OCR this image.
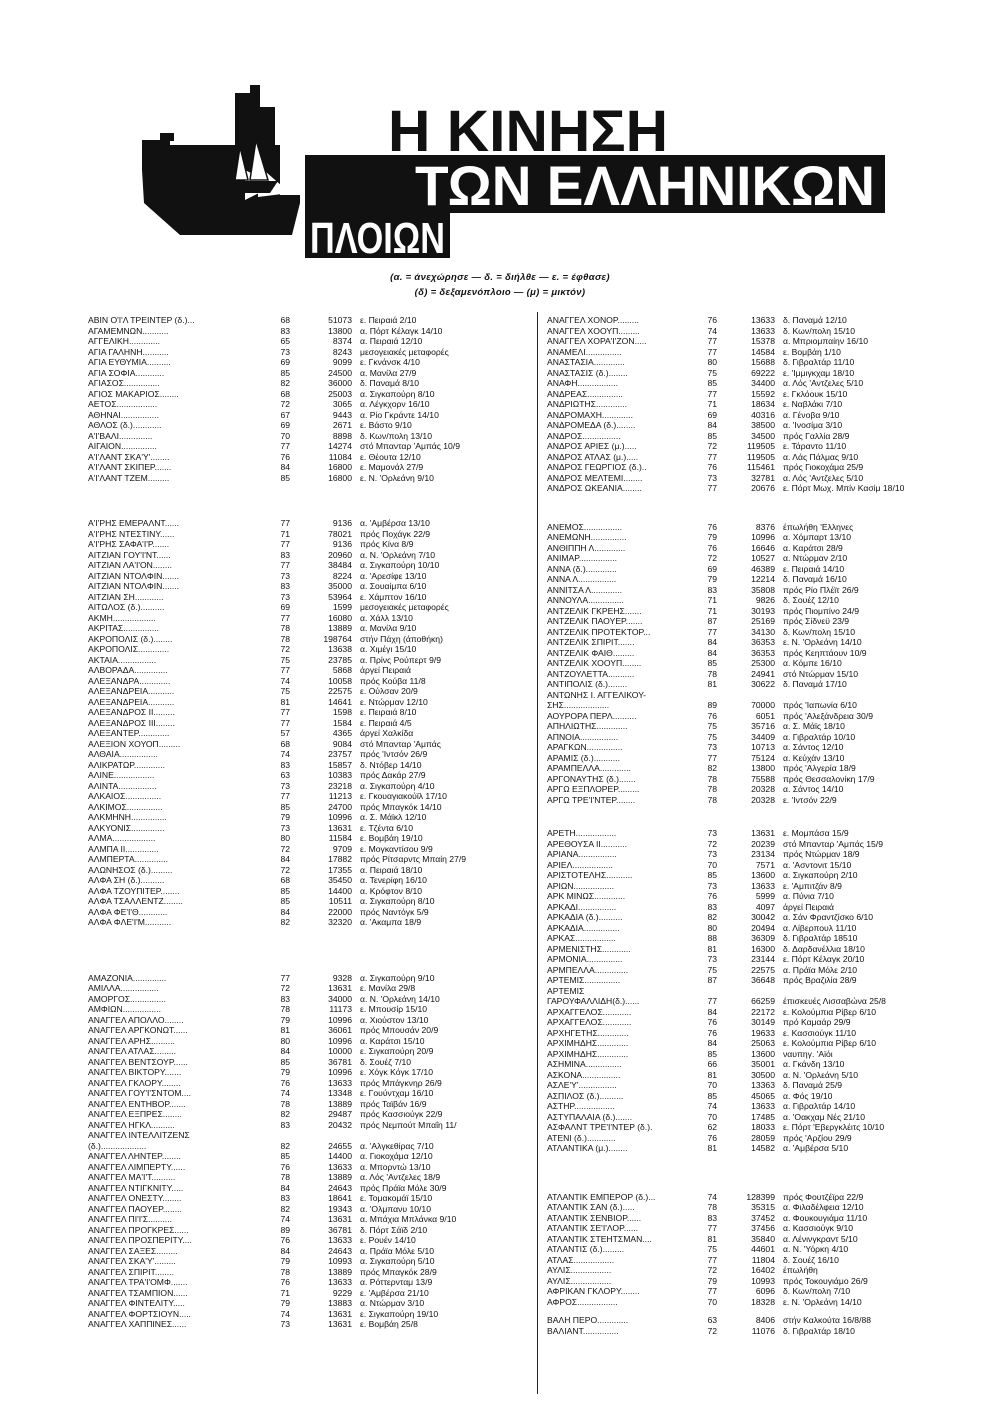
Η ΚΙΝΗΣΗ
ΤΩΝ ΕΛΛΗΝΙΚΩΝ
ΠΛΟΙΩΝ
(α. = άνεχώρησε — δ. = διήλθε — ε. = έφθασε)
(δ) = δεξαμενόπλοιο — (μ) = μικτόν)
ΑΒΙΝ Ο'Ι'Λ ΤΡΕΙΝΤΕΡ (δ.)...	68	51073 ε. Πειραιά 2/10
ΑΓΑΜΕΜΝΩΝ...........	83	13800 α. Πόρτ Κέλαγκ 14/10
ΑΓΓΕΛΙΚΗ.............	65	8374 α. Πειραιά 12/10
ΑΓΙΑ ΓΑΛΗΝΗ...........	73	8243 μεσογειακές μεταφορές
ΑΓΙΑ ΕΥΘΥΜΙΑ..........	69	9099 ε. Γκνάνσκ 4/10
ΑΓΙΑ ΣΟΦΙΑ............	85	24500 α. Μανίλα 27/9
ΑΓΙΑΣΟΣ...............	82	36000 δ. Παναμά 8/10
ΑΓΙΟΣ ΜΑΚΑΡΙΟΣ........	68	25003 α. Σιγκαπούρη 8/10
ΑΕΤΟΣ.................	72	3065 α. Λέγκχορν 16/10
ΑΘΗΝΑΙ................	67	9443 α. Ρίο Γκράντε 14/10
ΑΘΛΟΣ (δ.)............	69	2671 ε. Βάστο 9/10
Α'Ι'ΒΑΛΙ..............	70	8898 δ. Κων/πολη 13/10
ΑΙΓΑΙΟΝ...............	77	14274 στό Μπανταρ 'Αμπάς 10/9
Α'Ι'ΛΑΝΤ ΣΚΑ'Υ'........	76	11084 ε. Θέουτα 12/10
Α'Ι'ΛΑΝΤ ΣΚΙΠΕΡ.......	84	16800 ε. Μαμονάλ 27/9
Α'Ι'ΛΑΝΤ ΤΖΕΜ.........	85	16800 ε. Ν. 'Ορλεάνη 9/10
Α'Ι'ΡΗΣ ΕΜΕΡΑΛΝΤ......	77	9136 α. 'Αμβέρσα 13/10
Α'Ι'ΡΗΣ ΝΤΕΣΤΙΝΥ......	71	78021 πρός Πoχάγκ 22/9
Α'Ι'ΡΗΣ ΣΑΦΑ'Ι'Ρ.......	77	9136 πρός Κίνα 8/9
ΑΙΤΖΙΑΝ ΓΟΥ'Ι'ΝΤ......	83	20960 α. Ν. 'Ορλεάνη 7/10
ΑΙΤΖΙΑΝ ΛΑ'Ι'ΟΝ........	77	38484 α. Σιγκαπούρη 10/10
ΑΙΤΖΙΑΝ ΝΤΟΛΦΙΝ.......	73	8224 α. 'Αρεσίφε 13/10
ΑΙΤΖΙΑΝ ΝΤΟΛΦΙΝ.......	83	35000 α. Σουαίμπα 6/10
ΑΙΤΖΙΑΝ ΣΗ............	73	53964 ε. Χάμπτον 16/10
ΑΙΤΩΛΟΣ (δ.)..........	69	1599 μεσογειακές μεταφορές
ΑΚΜΗ..................	77	16080 α. Χάλλ 13/10
ΑΚΡΙΤΑΣ...............	78	13889 α. Μανίλα 9/10
ΑΚΡΟΠΟΛΙΣ (δ.)........	78	198764 στήν Πάχη (άποθήκη)
ΑΚΡΟΠΟΛΙΣ.............	72	13638 α. Χιμέγι 15/10
ΑΚΤΑΙΑ................	75	23785 α. Πρίνς Ρούπερτ 9/9
ΑΛΒΟΡΑΔΑ..............	77	5868 άργεί Πειραιά
ΑΛΕΞΑΝΔΡΑ.............	74	10058 πρός Κούβα 11/8
ΑΛΕΞΑΝΔΡΕΙΑ...........	75	22575 ε. Ούλσαν 20/9
ΑΛΕΞΑΝΔΡΕΙΑ...........	81	14641 ε. Ντώρμαν 12/10
ΑΛΕΞΑΝΔΡΟΣ ΙΙ.........	77	1598 ε. Πειραιά 8/10
ΑΛΕΞΑΝΔΡΟΣ ΙΙΙ........	77	1584 ε. Πειραιά 4/5
ΑΛΕΞΑΝΤΕΡ.............	57	4365 άργεί Χαλκίδα
ΑΛΕΞΙΟΝ ΧΟΥΟΠ.........	68	9084 στό Μπανταρ 'Αμπάς
ΑΛΘΑΙΑ................	74	23757 πρός 'Ιντσόν 26/9
ΑΛΙΚΡΑΤΩΡ.............	83	15857 δ. Ντόβερ 14/10
ΑΛΙΝΕ.................	63	10383 πρός Δακάρ 27/9
ΑΛΙΝΤΑ................	73	23218 α. Σιγκαπούρη 4/10
ΑΛΚΑΙΟΣ...............	77	11213 ε. Γκουαγιακούϊλ 17/10
ΑΛΚΙΜΟΣ...............	85	24700 πρός Μπαγκόκ 14/10
ΑΛΚΜΗΝΗ...............	79	10996 α. Σ. Μάϊκλ 12/10
ΑΛΚΥΟΝΙΣ..............	73	13631 ε. Τζέντα 6/10
ΑΛΜΑ..................	80	11584 ε. Βομβάη 19/10
ΑΛΜΠΑ ΙΙ..............	72	9709 ε. Μογκαντίσου 9/9
ΑΛΜΠΕΡΤΑ..............	84	17882 πρός Ρίτσαρντς Μπαίη 27/9
ΑΛΩΝΗΣΟΣ (δ.).........	72	17355 α. Πειραιά 18/10
ΑΛΦΑ ΣΗ (δ.)..........	68	35450 α. Τενερίφη 16/10
ΑΛΦΑ ΤΖΟΥΠΙΤΕΡ........	85	14400 α. Κρόφτον 8/10
ΑΛΦΑ ΤΣΑΛΛΕΝΤΖ........	85	10511 α. Σιγκαπούρη 8/10
ΑΛΦΑ ΦΕ'Ι'Θ............	84	22000 πρός Ναντόγκ 5/9
ΑΛΦΑ ΦΛΕ'Ι'Μ...........	82	32320 α. 'Ακαμπα 18/9
ΑΜΑΖΟΝΙΑ..............	77	9328 α. Σιγκαπούρη 9/10
ΑΜΙΛΛΑ................	72	13631 ε. Μανίλα 29/8
ΑΜΟΡΓΟΣ...............	83	34000 α. Ν. 'Ορλεάνη 14/10
ΑΜΦΙΩΝ................	78	11173 ε. Μπουσίρ 15/10
ΑΝΑΓΓΕΛ ΑΠΟΛΛΟ........	79	10996 α. Χιούστον 13/10
ΑΝΑΓΓΕΛ ΑΡΓΚΟΝΩΤ......	81	36061 πρός Μπουσάν 20/9
ΑΝΑΓΓΕΛ ΑΡΗΣ..........	80	10996 α. Καράτσι 15/10
ΑΝΑΓΓΕΛ ΑΤΛΑΣ.........	84	10000 ε. Σιγκαπούρη 20/9
ΑΝΑΓΓΕΛ ΒΕΝΤΣΟΥΡ......	85	36781 δ. Σουέζ 7/10
ΑΝΑΓΓΕΛ ΒΙΚΤΟΡΥ.......	79	10996 ε. Χόγκ Κόγκ 17/10
ΑΝΑΓΓΕΛ ΓΚΛΟΡΥ........	76	13633 πρός Μπάγκνηρ 26/9
ΑΝΑΓΓΕΛ ΓΟΥ'Ι'ΣΝΤΟΜ....	74	13348 ε. Γουύντχαμ 16/10
ΑΝΑΓΓΕΛ ΕΝΤΗΒΟΡ.......	78	13889 πρός Ταϊβάν 16/9
ΑΝΑΓΓΕΛ ΕΞΠΡΕΣ........	82	29487 πρός Κασσιούγκ 22/9
ΑΝΑΓΓΕΛ ΗΓΚΛ..........	83	20432 πρός Νεμπούτ Μπαΐη 11/
ΑΝΑΓΓΕΛ ΙΝΤΕΛΛΙΤΖΕΝΣ
(δ.)...................	82	24655 α. 'Αλγκεθίρας 7/10
ΑΝΑΓΓΕΛ ΛΗΝΤΕΡ........	85	14400 α. Γιοκοχάμα 12/10
ΑΝΑΓΓΕΛ ΛΙΜΠΕΡΤΥ......	76	13633 α. Μπορντώ 13/10
ΑΝΑΓΓΕΛ ΜΑ'Ι'Τ..........	78	13889 α. Λός 'Αντζελες 18/9
ΑΝΑΓΓΕΛ ΝΤΙΓΚΝΙΤΥ.....	84	24643 πρός Πράϊα Μόλε 30/9
ΑΝΑΓΓΕΛ ΟΝΕΣΤΥ........	83	18641 ε. Τομακομάϊ 15/10
ΑΝΑΓΓΕΛ ΠΑΟΥΕΡ........	82	19343 α. 'Ολμπανυ 10/10
ΑΝΑΓΓΕΛ ΠΙ'Ι'Σ..........	74	13631 α. Μπάχια Μπλάνκα 9/10
ΑΝΑΓΓΕΛ ΠΡΟΓΚΡΕΣ......	89	36781 δ. Πόρτ Σάϊδ 2/10
ΑΝΑΓΓΕΛ ΠΡΟΣΠΕΡΙΤΥ....	76	13633 ε. Ρουέν 14/10
ΑΝΑΓΓΕΛ ΣΑΞΕΣ.........	84	24643 α. Πράϊα Μόλε 5/10
ΑΝΑΓΓΕΛ ΣΚΑ'Υ'.........	79	10993 α. Σιγκαπούρη 5/10
ΑΝΑΓΓΕΛ ΣΠΙΡΙΤ........	78	13889 πρός Μπαγκόκ 28/9
ΑΝΑΓΓΕΛ ΤΡΑ'Ι'ΟΜΦ.......	76	13633 α. Ρόττερνταμ 13/9
ΑΝΑΓΓΕΛ ΤΣΑΜΠΙΟΝ......	71	9229 ε. 'Αμβέρσα 21/10
ΑΝΑΓΓΕΛ ΦΙΝΤΕΛΙΤΥ.....	79	13883 α. Ντώρμαν 3/10
ΑΝΑΓΓΕΛ ΦΟΡΤΣΙΟΥΝ.....	74	13631 ε. Σιγκαπούρη 19/10
ΑΝΑΓΓΕΛ ΧΑΠΠΙΝΕΣ......	73	13631 ε. Βομβάη 25/8
ΑΝΑΓΓΕΛ ΧΟΝΟΡ.........	76	13633 δ. Παναμά 12/10
ΑΝΑΓΓΕΛ ΧΟΟΥΠ.........	74	13633 δ. Κων/πολη 15/10
ΑΝΑΓΓΕΛ ΧΟΡΑ'Ι'ΖΟΝ.....	77	15378 α. Μπριομπαίην 16/10
ΑΝΑΜΕΛΙ...............	77	14584 ε. Βομβάη 1/10
ΑΝΑΣΤΑΣΙΑ.............	80	15688 δ. Γιβραλτάρ 11/10
ΑΝΑΣΤΑΣΙΣ (δ.)........	75	69222 ε. 'Ιμμιγκχαμ 18/10
ΑΝΑΦΗ.................	85	34400 α. Λός 'Αντζελες 5/10
ΑΝΔΡΕΑΣ...............	77	15592 ε. Γκλόουκ 15/10
ΑΝΔΡΙΩΤΗΣ.............	71	18634 ε. Ναβλάκι 7/10
ΑΝΔΡΟΜΑΧΗ.............	69	40316 α. Γένοβα 9/10
ΑΝΔΡΟΜΕΔΑ (δ.)........	84	38500 α. 'Ινοσίμα 3/10
ΑΝΔΡΟΣ................	85	34500 πρός Γαλλία 28/9
ΑΝΔΡΟΣ ΑΡΙΕΣ (μ.).....	72	119505 ε. Τάραντο 11/10
ΑΝΔΡΟΣ ΑΤΛΑΣ (μ.).....	77	119505 α. Λάς Πάλμας 9/10
ΑΝΔΡΟΣ ΓΕΩΡΓΙΟΣ (δ.)..	76	115461 πρός Γιοκοχάμα 25/9
ΑΝΔΡΟΣ ΜΕΛΤΕΜΙ........	73	32781 α. Λός 'Αντζελες 5/10
ΑΝΔΡΟΣ ΩΚΕΑΝΙΑ........	77	20676 ε. Πόρτ Μωχ. Μπίν Κασίμ 18/10
ΑΝΕΜΟΣ................	76	8376 έπωλήθη 'Ελληνες
ΑΝΕΜΩΝΗ...............	79	10996 α. Χόμπαρτ 13/10
ΑΝΘΙΠΠΗ Λ.............	76	16646 α. Καράτσι 28/9
ΑΝΙΜΑΡ................	72	10527 α. Ντώρμαν 2/10
ΑΝΝΑ (δ.).............	69	46389 ε. Πειραιά 14/10
ΑΝΝΑ Λ................	79	12214 δ. Παναμά 16/10
ΑΝΝΙΤΣΑ Λ.............	83	35808 πρός Ρίο Πλέϊτ 26/9
ΑΝΝΟΥΛΑ...............	71	9826 δ. Σουέζ 12/10
ΑΝΤΖΕΛΙΚ ΓΚΡΕΗΣ.......	71	30193 πρός Πιομπίνο 24/9
ΑΝΤΖΕΛΙΚ ΠΑΟΥΕΡ.......	87	25169 πρός Σίδνεϋ 23/9
ΑΝΤΖΕΛΙΚ ΠΡΟΤΕΚΤΟΡ...	77	34130 δ. Κων/πολη 15/10
ΑΝΤΖΕΛΙΚ ΣΠΙΡΙΤ.......	84	36353 ε. Ν. 'Ορλεάνη 14/10
ΑΝΤΖΕΛΙΚ ΦΑΙΘ.........	84	36353 πρός Κεηπτάουν 10/9
ΑΝΤΖΕΛΙΚ ΧΟΟΥΠ........	85	25300 α. Κόμπε 16/10
ΑΝΤΖΟΥΛΕΤΤΑ...........	78	24941 στό Ντώρμαν 15/10
ΑΝΤΙΠΟΛΙΣ (δ.)........	81	30622 δ. Παναμά 17/10
ΑΝΤΩΝΗΣ Ι. ΑΓΓΕΛΙΚΟΥ-
ΣΗΣ...................	89	70000 πρός 'Ιαπωνία 6/10
ΑΟΥΡΟΡΑ ΠΕΡΛ..........	76	6051 πρός 'Αλεξάνδρεια 30/9
ΑΠΗΛΙΩΤΗΣ.............	75	35716 α. Σ. Μάϊς 18/10
ΑΠΝΟΙΑ................	75	34409 α. Γιβραλτάρ 10/10
ΑΡΑΓΚΩΝ...............	73	10713 α. Σάντος 12/10
ΑΡΑΜΙΣ (δ.)...........	77	75124 α. Κεύχάν 13/10
ΑΡΑΜΠΕΛΛΑ.............	82	13800 πρός 'Αλγερία 18/9
ΑΡΓΟΝΑΥΤΗΣ (δ.).......	78	75588 πρός Θεσσαλονίκη 17/9
ΑΡΓΩ ΕΞΠΛΟΡΕΡ.........	78	20328 α. Σάντος 14/10
ΑΡΓΩ ΤΡΕ'Ι'ΝΤΕΡ........	78	20328 ε. 'Ιντσόν 22/9
ΑΡΕΤΗ.................	73	13631 ε. Μομπάσα 15/9
ΑΡΕΘΟΥΣΑ ΙΙ...........	72	20239 στό Μπανταρ 'Αμπάς 15/9
ΑΡΙΑΝΑ................	73	23134 πρός Ντώρμαν 18/9
ΑΡΙΕΛ.................	70	7571 α. 'Ασντονιτ 15/10
ΑΡΙΣΤΟΤΕΛΗΣ...........	85	13600 α. Σιγκαπούρη 2/10
ΑΡΙΩΝ.................	73	13633 ε. 'Αμπιτζάν 8/9
ΑΡΚ ΜΙΝΩΣ.............	76	5999 α. Πύνια 7/10
ΑΡΚΑΔΙ................	83	4097 άργεί Πειραιά
ΑΡΚΑΔΙΑ (δ.)..........	82	30042 α. Σάν Φραντζίσκο 6/10
ΑΡΚΑΔΙΑ...............	80	20494 α. Λίβερπουλ 11/10
ΑΡΚΑΣ.................	88	36309 δ. Γιβραλτάρ 18510
ΑΡΜΕΝΙΣΤΗΣ............	81	16300 δ. Δαρδανέλλια 18/10
ΑΡΜΟΝΙΑ...............	73	23144 ε. Πόρτ Κέλαγκ 20/10
ΑΡΜΠΕΛΛΑ..............	75	22575 α. Πράϊα Μόλε 2/10
ΑΡΤΕΜΙΣ...............	87	36648 πρός Βραζιλία 28/9
ΑΡΤΕΜΙΣ
ΓΑΡΟΥΦΑΛΛΙΔΗ(δ.)......	77	66259 έπισκευές Λισσαβώνα 25/8
ΑΡΧΑΓΓΕΛΟΣ............	84	22172 ε. Κολούμπια Ρίβερ 6/10
ΑΡΧΑΓΓΕΛΟΣ............	76	30149 πρό Καμαάρ 29/9
ΑΡΧΗΓΕΤΗΣ.............	76	19633 ε. Κασσιούγκ 11/10
ΑΡΧΙΜΗΔΗΣ.............	84	25063 ε. Κολούμπια Ρίβερ 6/10
ΑΡΧΙΜΗΔΗΣ.............	85	13600 ναυπηγ. 'Αϊόι
ΑΣΗΜΙΝΑ...............	66	35001 α. Γκάνδη 13/10
ΑΣΚΟΝΑ................	81	30500 α. Ν. 'Ορλεάνη 5/10
ΑΣΛΕ'Υ'................	70	13363 δ. Παναμά 25/9
ΑΣΠΙΛΟΣ (δ.)..........	85	45065 α. Φός 19/10
ΑΣΤΗΡ.................	74	13633 α. Γιβραλτάρ 14/10
ΑΣΤΥΠΑΛΑΙΑ (δ.).......	70	17485 α. 'Οακχαμ Νές 21/10
ΑΣΦΑΛΝΤ ΤΡΕ'Ι'ΝΤΕΡ (δ.).	62	18033 ε. Πόρτ 'Εβεργκλέιτς 10/10
ΑΤΕΝΙ (δ.)............	76	28059 πρός 'Αρζίου 29/9
ΑΤΛΑΝΤΙΚΑ (μ.)........	81	14582 α. 'Αμβέρσα 5/10
ΑΤΛΑΝΤΙΚ ΕΜΠΕΡΟΡ (δ.)...	74	128399 πρός Φουτζέϊρα 22/9
ΑΤΛΑΝΤΙΚ ΣΑΝ (δ.).....	78	35315 α. Φιλαδέλφεια 12/10
ΑΤΛΑΝΤΙΚ ΣΕΝΒΙΟΡ......	83	37452 α. Φουκουγιάμα 11/10
ΑΤΛΑΝΤΙΚ ΣΕ'Ι'ΛΟΡ......	77	37456 α. Κασσιούγκ 9/10
ΑΤΛΑΝΤΙΚ ΣΤΕΗΤΣΜΑΝ....	81	35840 α. Λένινγκραντ 5/10
ΑΤΛΑΝΤΙΣ (δ.).........	75	44601 α. Ν. 'Υόρκη 4/10
ΑΤΛΑΣ.................	77	11804 δ. Σουέζ 16/10
ΑΥΛΙΣ.................	72	16402 έπωλήθη
ΑΥΛΙΣ.................	79	10993 πρός Τοκουγιάμο 26/9
ΑΦΡΙΚΑΝ ΓΚΛΟΡΥ........	77	6096 δ. Κων/πολη 7/10
ΑΦΡΟΣ.................	70	18328 ε. Ν. 'Ορλεάνη 14/10
ΒΑΛΗ ΠΕΡΟ.............	63	8406 στήν Καλκούτα 16/8/88
ΒΑΛΙΑΝΤ...............	72	11076 δ. Γιβραλτάρ 18/10
